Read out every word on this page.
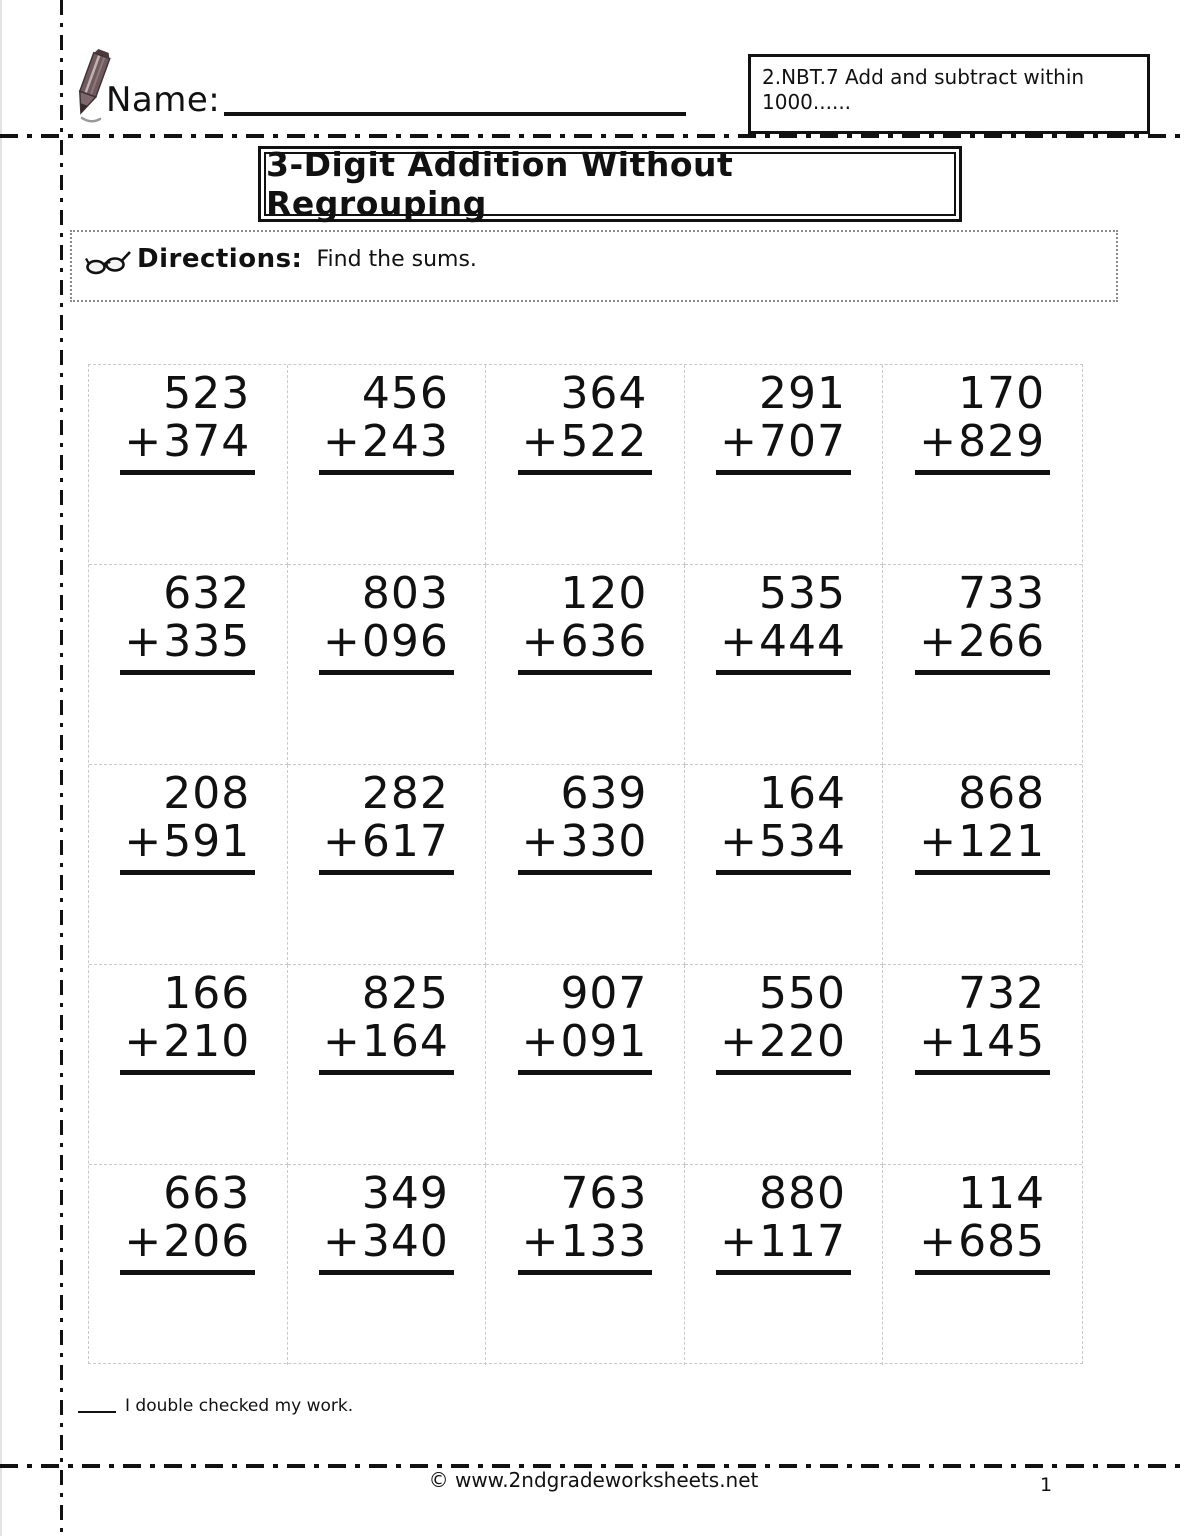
Name:
2.NBT.7 Add and subtract within 1000......
3-Digit Addition Without Regrouping
Directions: Find the sums.
523
+374
456
+243
364
+522
291
+707
170
+829
632
+335
803
+096
120
+636
535
+444
733
+266
208
+591
282
+617
639
+330
164
+534
868
+121
166
+210
825
+164
907
+091
550
+220
732
+145
663
+206
349
+340
763
+133
880
+117
114
+685
I double checked my work.
© www.2ndgradeworksheets.net	1
